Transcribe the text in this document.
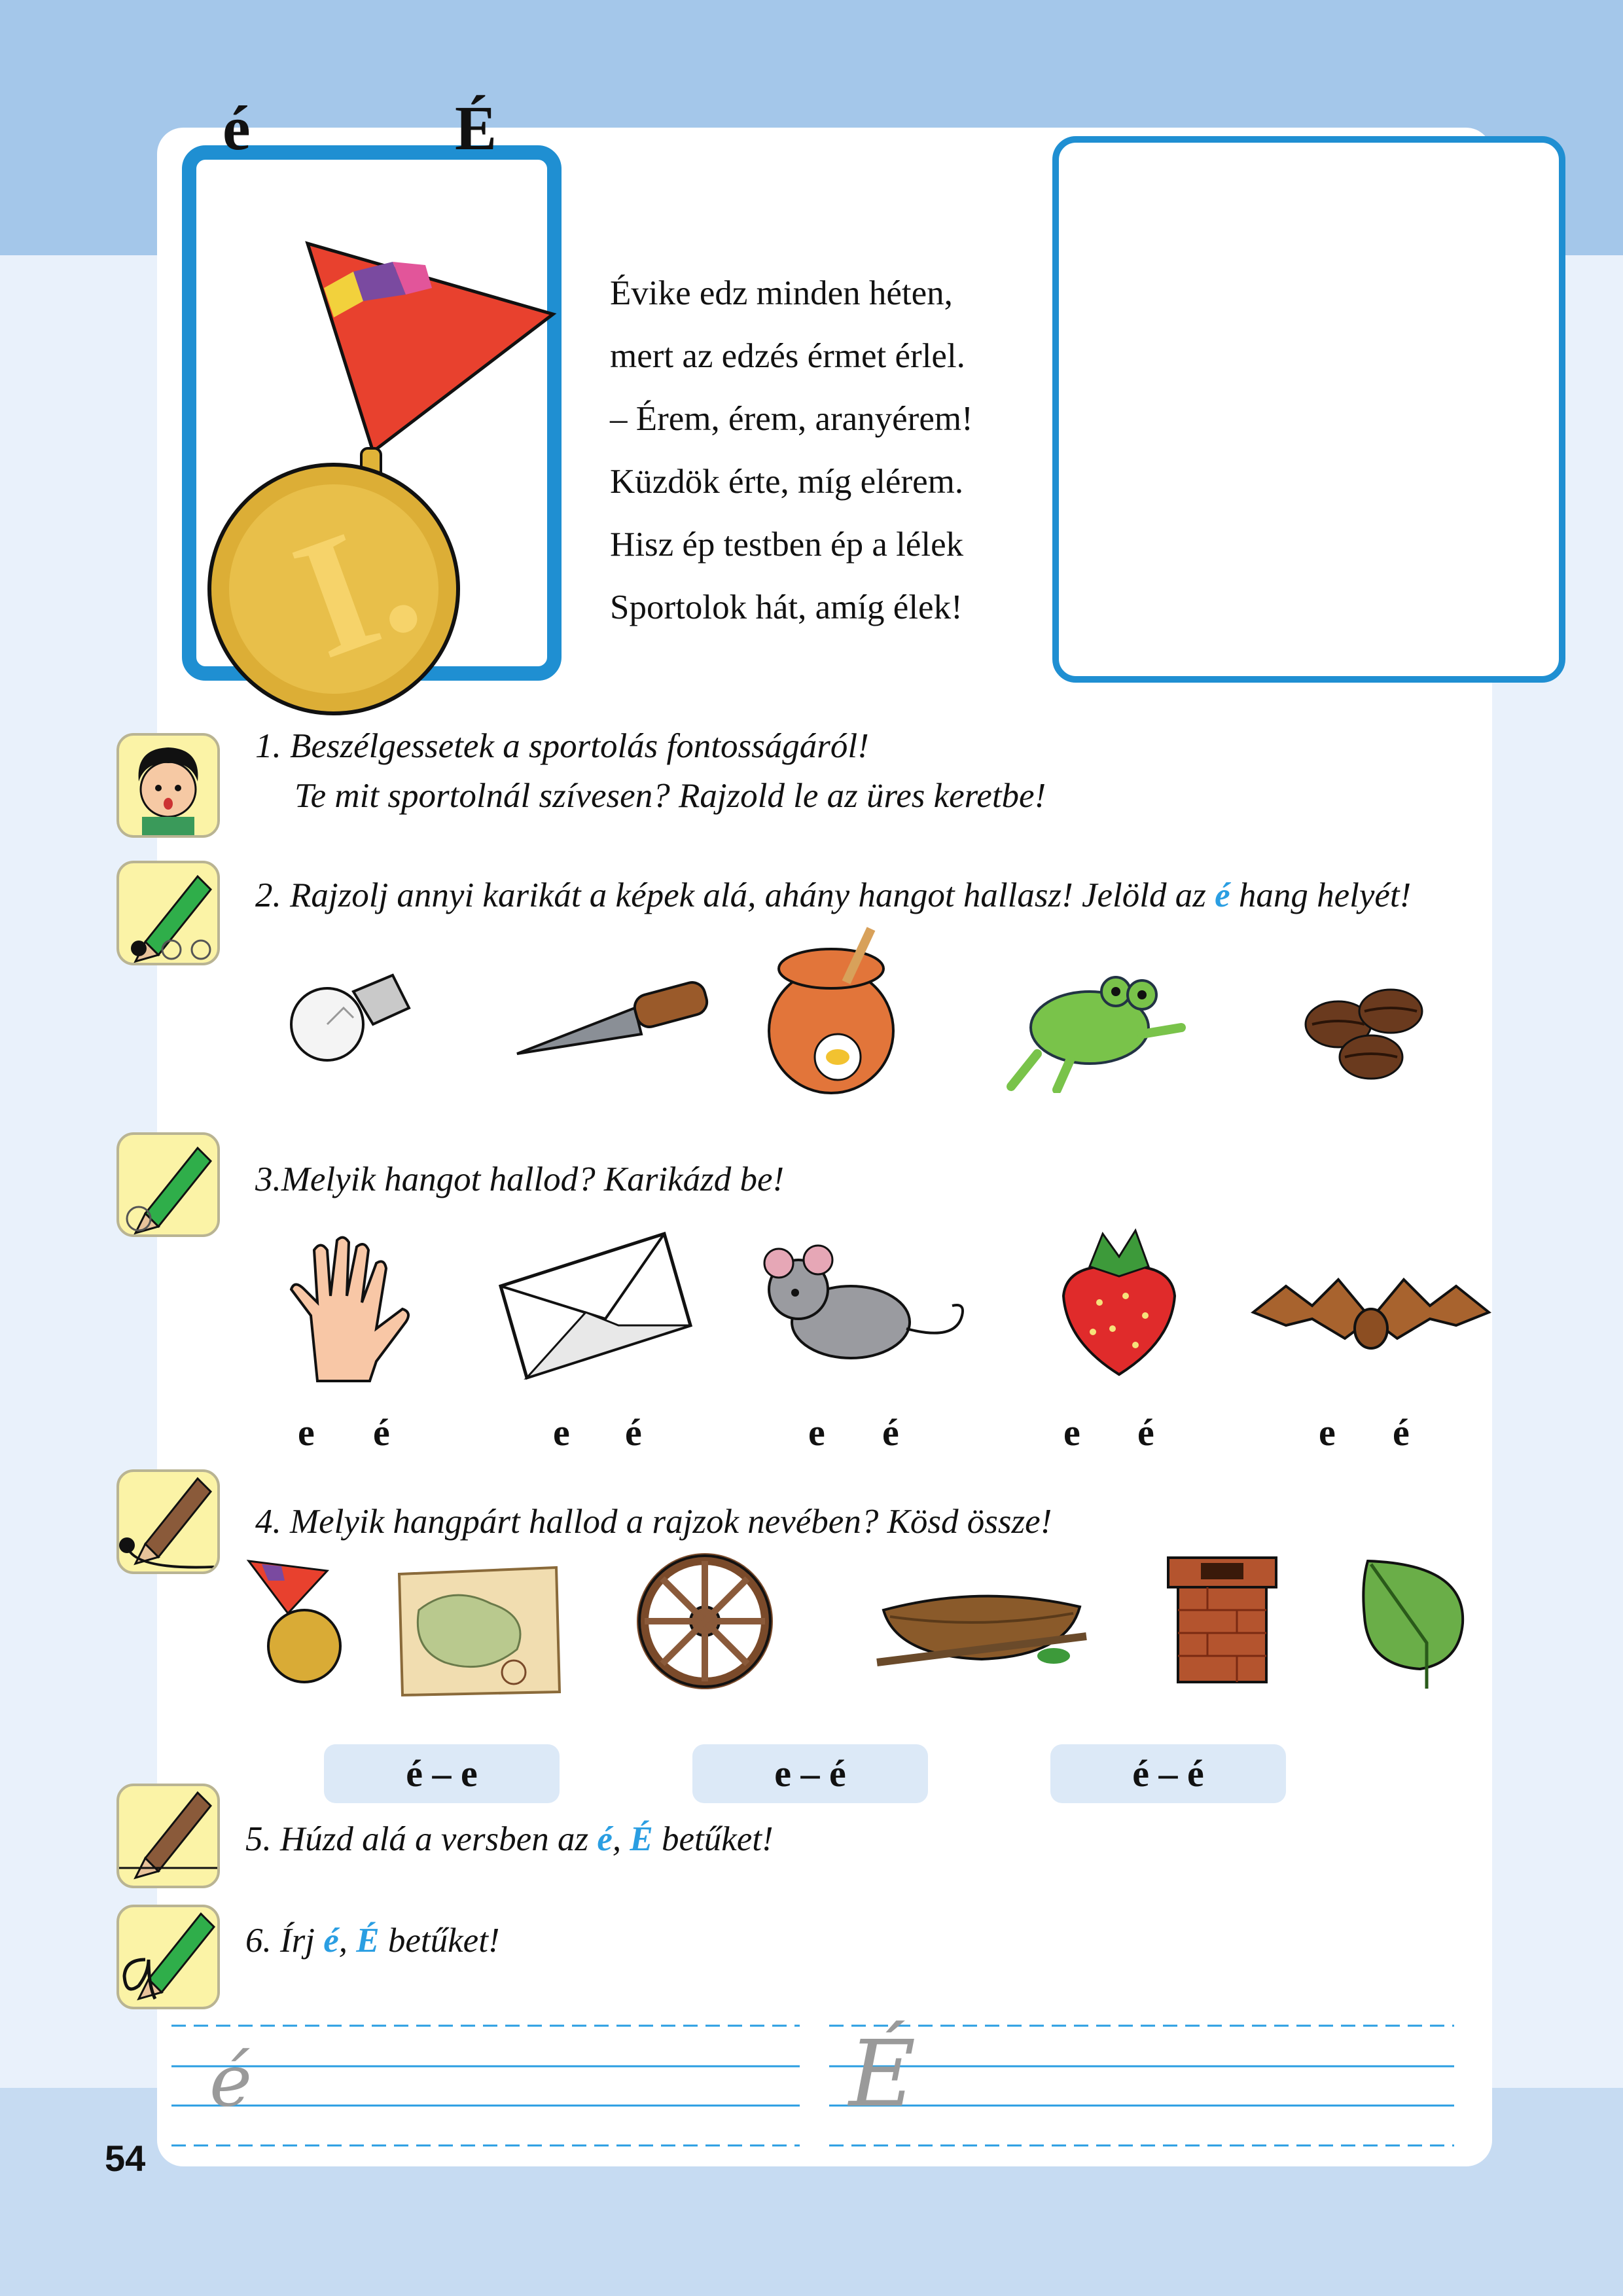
é	É
I.
Évike edz minden héten,
mert az edzés érmet érlel.
– Érem, érem, aranyérem!
Küzdök érte, míg elérem.
Hisz ép testben ép a lélek
Sportolok hát, amíg élek!
1. Beszélgessetek a sportolás fontosságáról!
Te mit sportolnál szívesen? Rajzold le az üres keretbe!
2. Rajzolj annyi karikát a képek alá, ahány hangot hallasz! Jelöld az é hang helyét!
3.Melyik hangot hallod? Karikázd be!
e é	e é	e é	e é	e é
4. Melyik hangpárt hallod a rajzok nevében? Kösd össze!
é – e	e – é	é – é
5. Húzd alá a versben az é, É betűket!
6. Írj é, É betűket!
é	É
54
